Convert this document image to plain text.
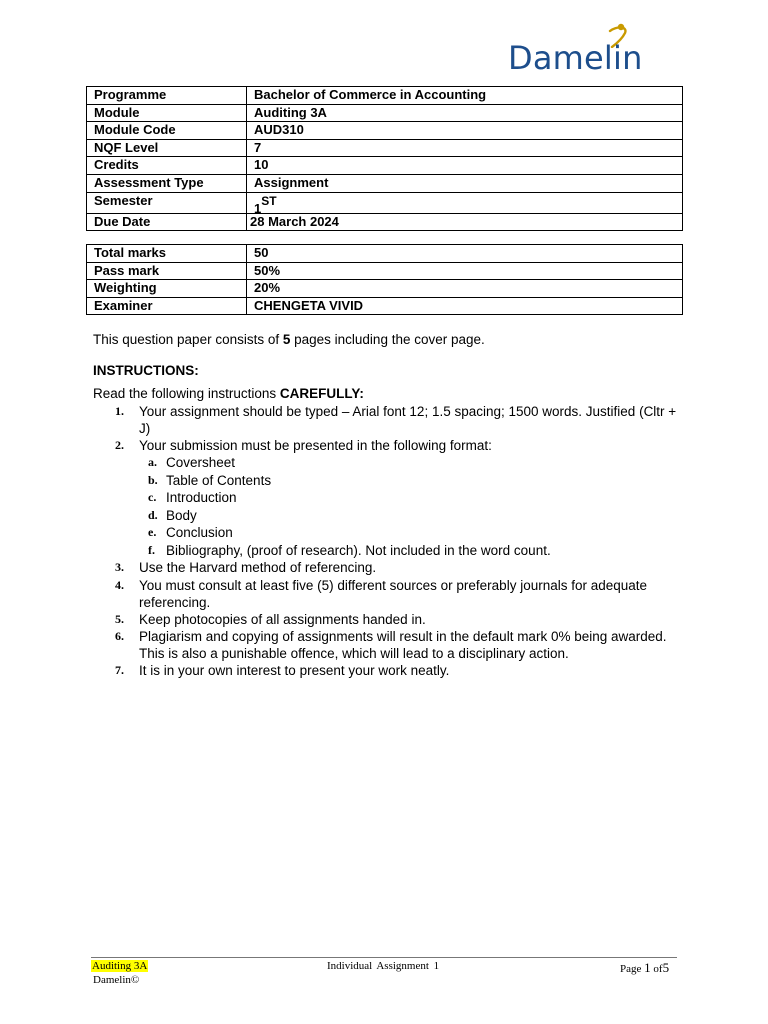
Damelin
Programme	Bachelor of Commerce in Accounting
Module	Auditing 3A
Module Code	AUD310
NQF Level	7
Credits	10
Assessment Type	Assignment
Semester	1ST
Due Date	28 March 2024
Total marks	50
Pass mark	50%
Weighting	20%
Examiner	CHENGETA VIVID
This question paper consists of 5 pages including the cover page.
INSTRUCTIONS:
Read the following instructions CAREFULLY:
1. Your assignment should be typed – Arial font 12; 1.5 spacing; 1500 words. Justified (Cltr + J)
2. Your submission must be presented in the following format:
a. Coversheet
b. Table of Contents
c. Introduction
d. Body
e. Conclusion
f. Bibliography, (proof of research). Not included in the word count.
3. Use the Harvard method of referencing.
4. You must consult at least five (5) different sources or preferably journals for adequate referencing.
5. Keep photocopies of all assignments handed in.
6. Plagiarism and copying of assignments will result in the default mark 0% being awarded. This is also a punishable offence, which will lead to a disciplinary action.
7. It is in your own interest to present your work neatly.
Auditing 3A
Damelin©
Individual Assignment 1	Page 1 of5
